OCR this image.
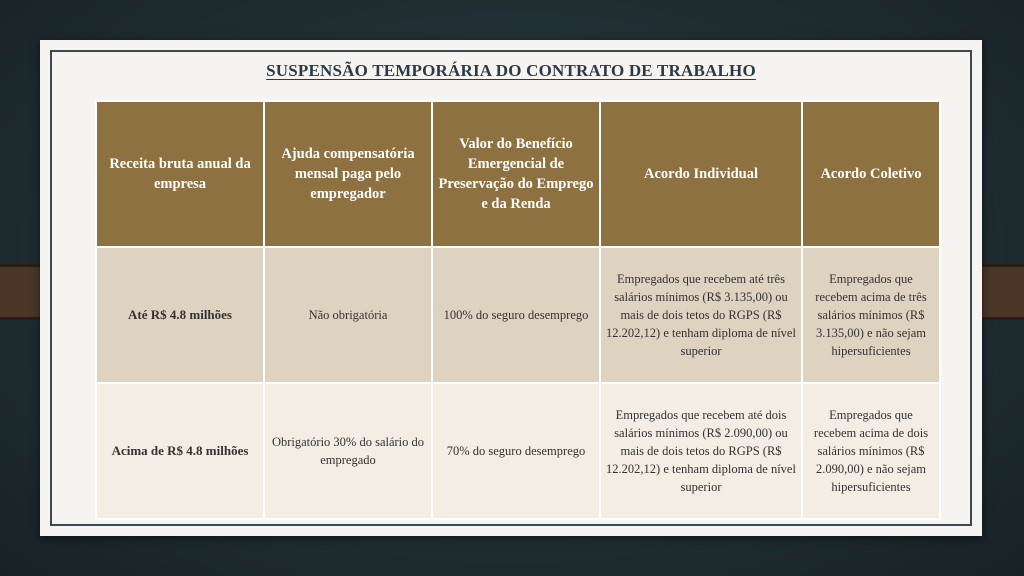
SUSPENSÃO TEMPORÁRIA DO CONTRATO DE TRABALHO
Receita bruta anual da empresa	Ajuda compensatória mensal paga pelo empregador	Valor do Benefício Emergencial de Preservação do Emprego e da Renda	Acordo Individual	Acordo Coletivo
Até R$ 4.8 milhões	Não obrigatória	100% do seguro desemprego	Empregados que recebem até três salários mínimos (R$ 3.135,00) ou mais de dois tetos do RGPS (R$ 12.202,12) e tenham diploma de nível superior	Empregados que recebem acima de três salários mínimos (R$ 3.135,00) e não sejam hipersuficientes
Acima de R$ 4.8 milhões	Obrigatório 30% do salário do empregado	70% do seguro desemprego	Empregados que recebem até dois salários mínimos (R$ 2.090,00) ou mais de dois tetos do RGPS (R$ 12.202,12) e tenham diploma de nível superior	Empregados que recebem acima de dois salários mínimos (R$ 2.090,00) e não sejam hipersuficientes
